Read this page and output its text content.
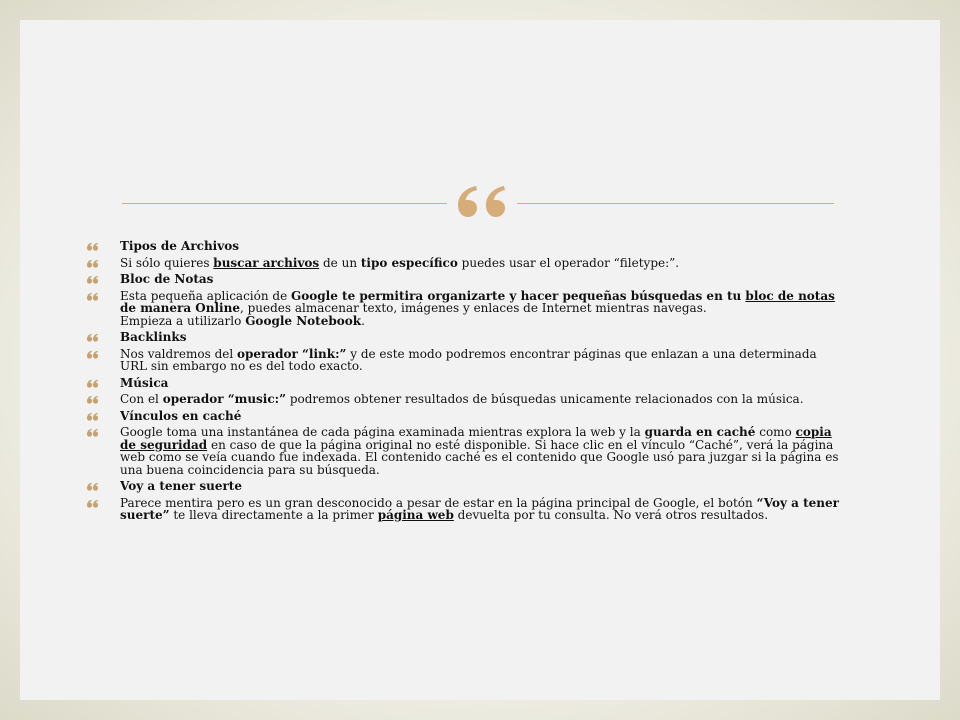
Tipos de Archivos
Si sólo quieres buscar archivos de un tipo específico puedes usar el operador “filetype:”.
Bloc de Notas
Esta pequeña aplicación de Google te permitira organizarte y hacer pequeñas búsquedas en tu bloc de notas de manera Online, puedes almacenar texto, imágenes y enlaces de Internet mientras navegas.
Empieza a utilizarlo Google Notebook.
Backlinks
Nos valdremos del operador “link:” y de este modo podremos encontrar páginas que enlazan a una determinada URL sin embargo no es del todo exacto.
Música
Con el operador “music:” podremos obtener resultados de búsquedas unicamente relacionados con la música.
Vínculos en caché
Google toma una instantánea de cada página examinada mientras explora la web y la guarda en caché como copia de seguridad en caso de que la página original no esté disponible. Si hace clic en el vínculo “Caché”, verá la página web como se veía cuando fue indexada. El contenido caché es el contenido que Google usó para juzgar si la página es una buena coincidencia para su búsqueda.
Voy a tener suerte
Parece mentira pero es un gran desconocido a pesar de estar en la página principal de Google, el botón “Voy a tener suerte” te lleva directamente a la primer página web devuelta por tu consulta. No verá otros resultados.
